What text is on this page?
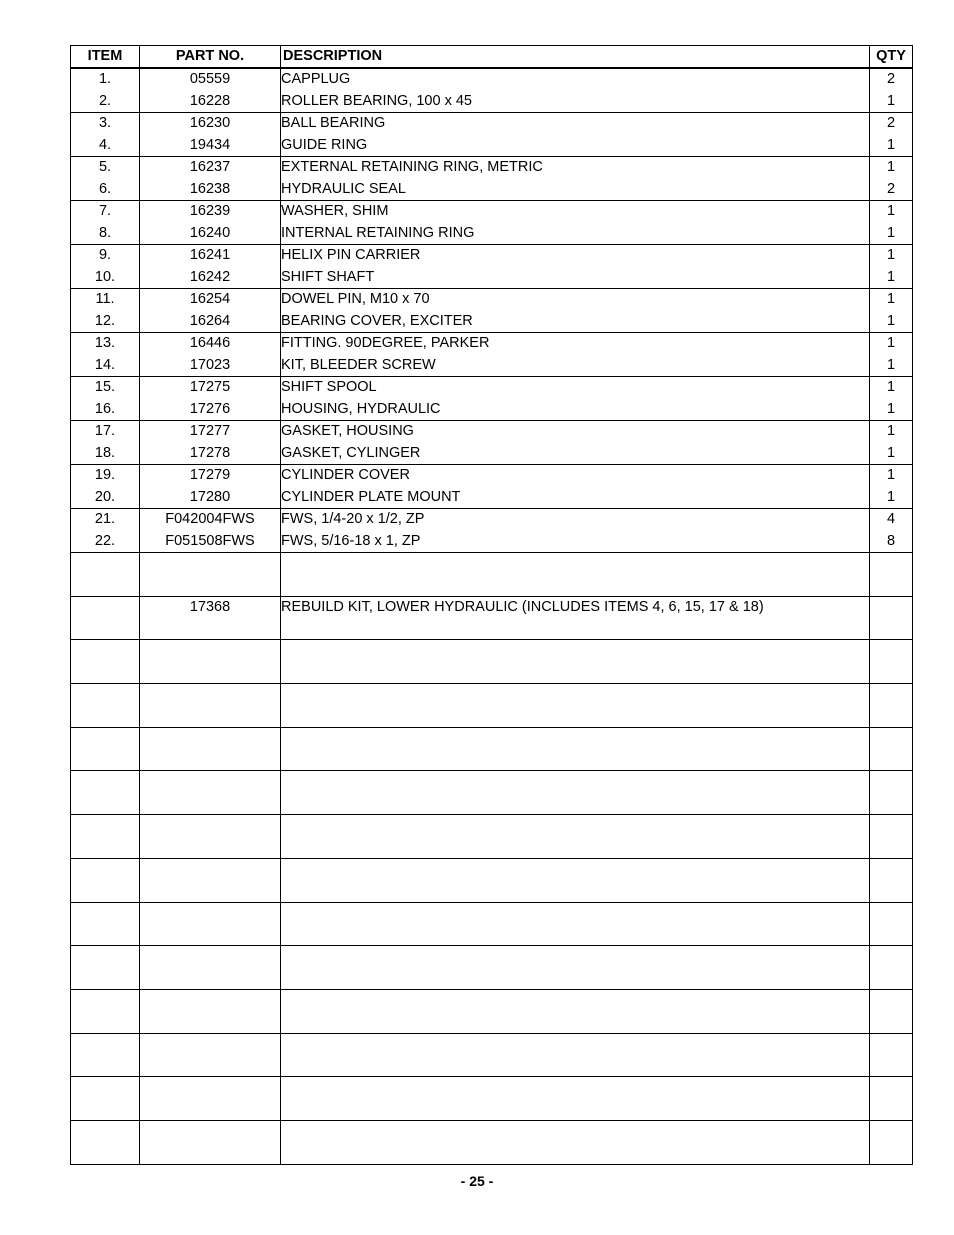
ITEM	PART NO.	DESCRIPTION	QTY
1.	05559	CAPPLUG	2
2.	16228	ROLLER BEARING, 100 x 45	1
3.	16230	BALL BEARING	2
4.	19434	GUIDE RING	1
5.	16237	EXTERNAL RETAINING RING, METRIC	1
6.	16238	HYDRAULIC SEAL	2
7.	16239	WASHER, SHIM	1
8.	16240	INTERNAL RETAINING RING	1
9.	16241	HELIX PIN CARRIER	1
10.	16242	SHIFT SHAFT	1
11.	16254	DOWEL PIN, M10 x 70	1
12.	16264	BEARING COVER, EXCITER	1
13.	16446	FITTING. 90DEGREE, PARKER	1
14.	17023	KIT, BLEEDER SCREW	1
15.	17275	SHIFT SPOOL	1
16.	17276	HOUSING, HYDRAULIC	1
17.	17277	GASKET, HOUSING	1
18.	17278	GASKET, CYLINGER	1
19.	17279	CYLINDER COVER	1
20.	17280	CYLINDER PLATE MOUNT	1
21.	F042004FWS	FWS, 1/4-20 x 1/2, ZP	4
22.	F051508FWS	FWS, 5/16-18 x 1, ZP	8

	17368	REBUILD KIT, LOWER HYDRAULIC (INCLUDES ITEMS 4, 6, 15, 17 & 18)	

- 25 -
